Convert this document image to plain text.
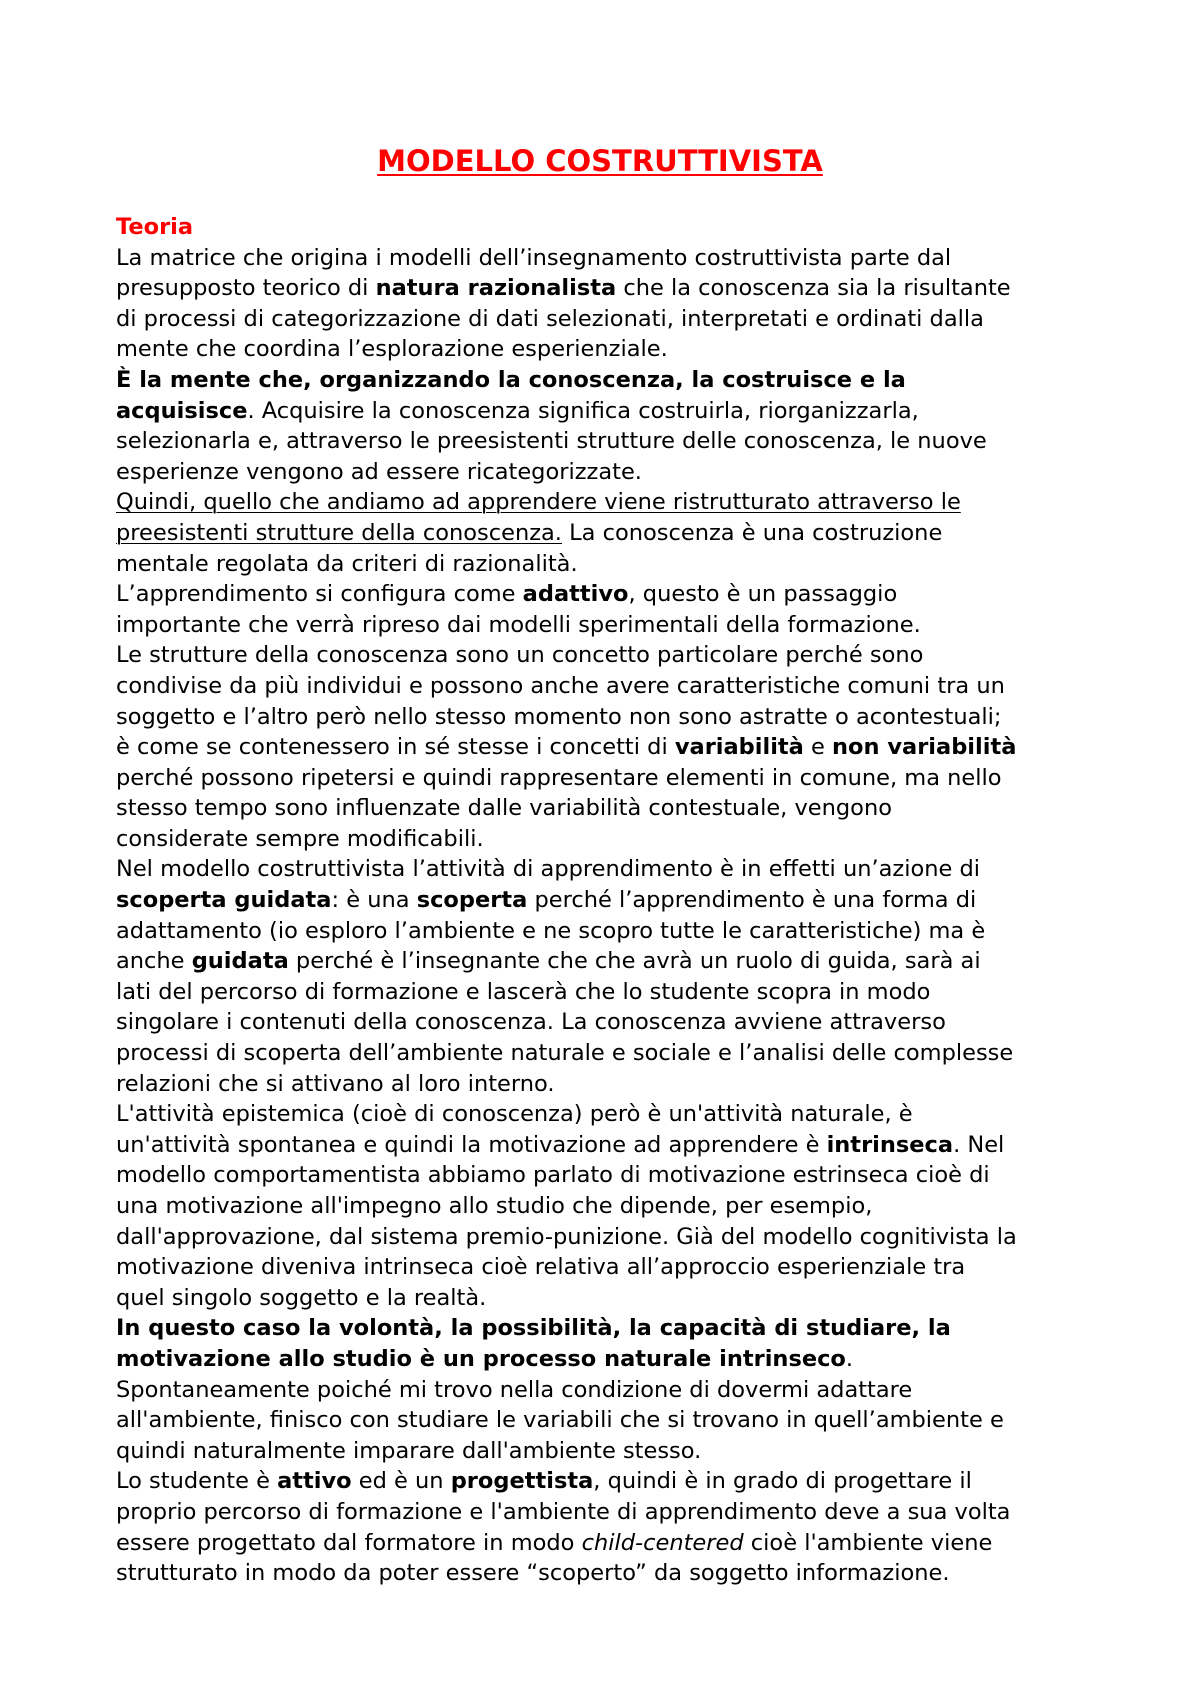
MODELLO COSTRUTTIVISTA
Teoria
La matrice che origina i modelli dell’insegnamento costruttivista parte dal
presupposto teorico di natura razionalista che la conoscenza sia la risultante
di processi di categorizzazione di dati selezionati, interpretati e ordinati dalla
mente che coordina l’esplorazione esperienziale.
È la mente che, organizzando la conoscenza, la costruisce e la
acquisisce. Acquisire la conoscenza significa costruirla, riorganizzarla,
selezionarla e, attraverso le preesistenti strutture delle conoscenza, le nuove
esperienze vengono ad essere ricategorizzate.
Quindi, quello che andiamo ad apprendere viene ristrutturato attraverso le
preesistenti strutture della conoscenza. La conoscenza è una costruzione
mentale regolata da criteri di razionalità.
L’apprendimento si configura come adattivo, questo è un passaggio
importante che verrà ripreso dai modelli sperimentali della formazione.
Le strutture della conoscenza sono un concetto particolare perché sono
condivise da più individui e possono anche avere caratteristiche comuni tra un
soggetto e l’altro però nello stesso momento non sono astratte o acontestuali;
è come se contenessero in sé stesse i concetti di variabilità e non variabilità
perché possono ripetersi e quindi rappresentare elementi in comune, ma nello
stesso tempo sono influenzate dalle variabilità contestuale, vengono
considerate sempre modificabili.
Nel modello costruttivista l’attività di apprendimento è in effetti un’azione di
scoperta guidata: è una scoperta perché l’apprendimento è una forma di
adattamento (io esploro l’ambiente e ne scopro tutte le caratteristiche) ma è
anche guidata perché è l’insegnante che che avrà un ruolo di guida, sarà ai
lati del percorso di formazione e lascerà che lo studente scopra in modo
singolare i contenuti della conoscenza. La conoscenza avviene attraverso
processi di scoperta dell’ambiente naturale e sociale e l’analisi delle complesse
relazioni che si attivano al loro interno.
L'attività epistemica (cioè di conoscenza) però è un'attività naturale, è
un'attività spontanea e quindi la motivazione ad apprendere è intrinseca. Nel
modello comportamentista abbiamo parlato di motivazione estrinseca cioè di
una motivazione all'impegno allo studio che dipende, per esempio,
dall'approvazione, dal sistema premio-punizione. Già del modello cognitivista la
motivazione diveniva intrinseca cioè relativa all’approccio esperienziale tra
quel singolo soggetto e la realtà.
In questo caso la volontà, la possibilità, la capacità di studiare, la
motivazione allo studio è un processo naturale intrinseco.
Spontaneamente poiché mi trovo nella condizione di dovermi adattare
all'ambiente, finisco con studiare le variabili che si trovano in quell’ambiente e
quindi naturalmente imparare dall'ambiente stesso.
Lo studente è attivo ed è un progettista, quindi è in grado di progettare il
proprio percorso di formazione e l'ambiente di apprendimento deve a sua volta
essere progettato dal formatore in modo child-centered cioè l'ambiente viene
strutturato in modo da poter essere “scoperto” da soggetto informazione.
